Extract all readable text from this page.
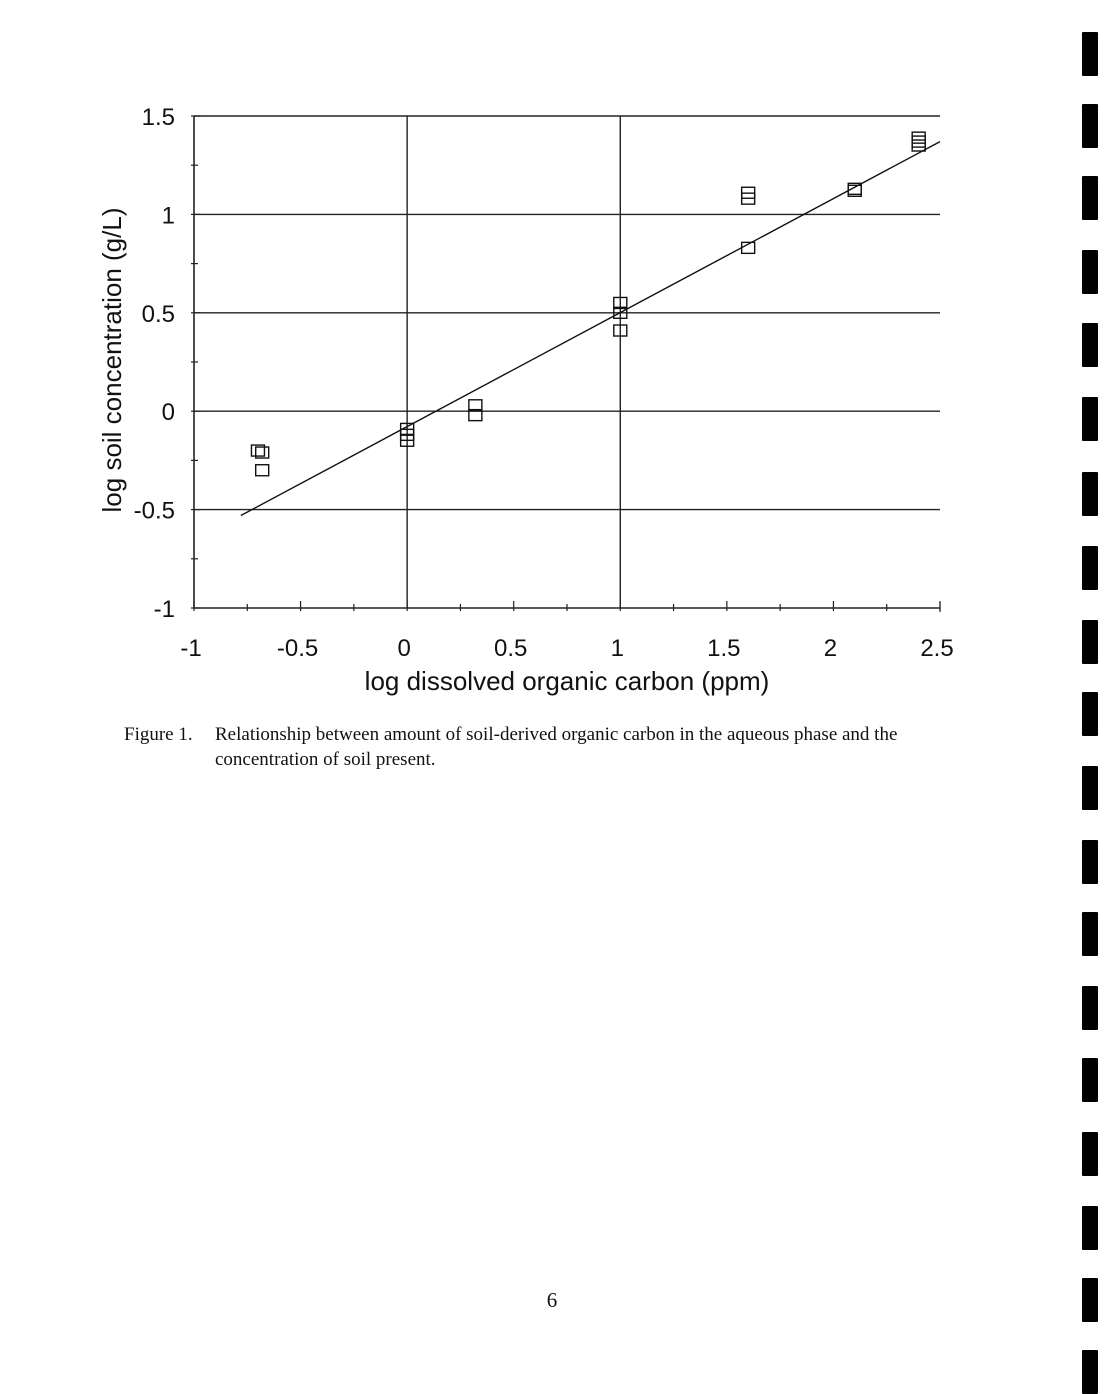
-1
-0.5
0
0.5
1
1.5
-1	-0.5	0	0.5	1	1.5	2	2.5
log dissolved organic carbon (ppm)
log soil concentration (g/L)
Figure 1. Relationship between amount of soil-derived organic carbon in the aqueous phase and the concentration of soil present.
6
